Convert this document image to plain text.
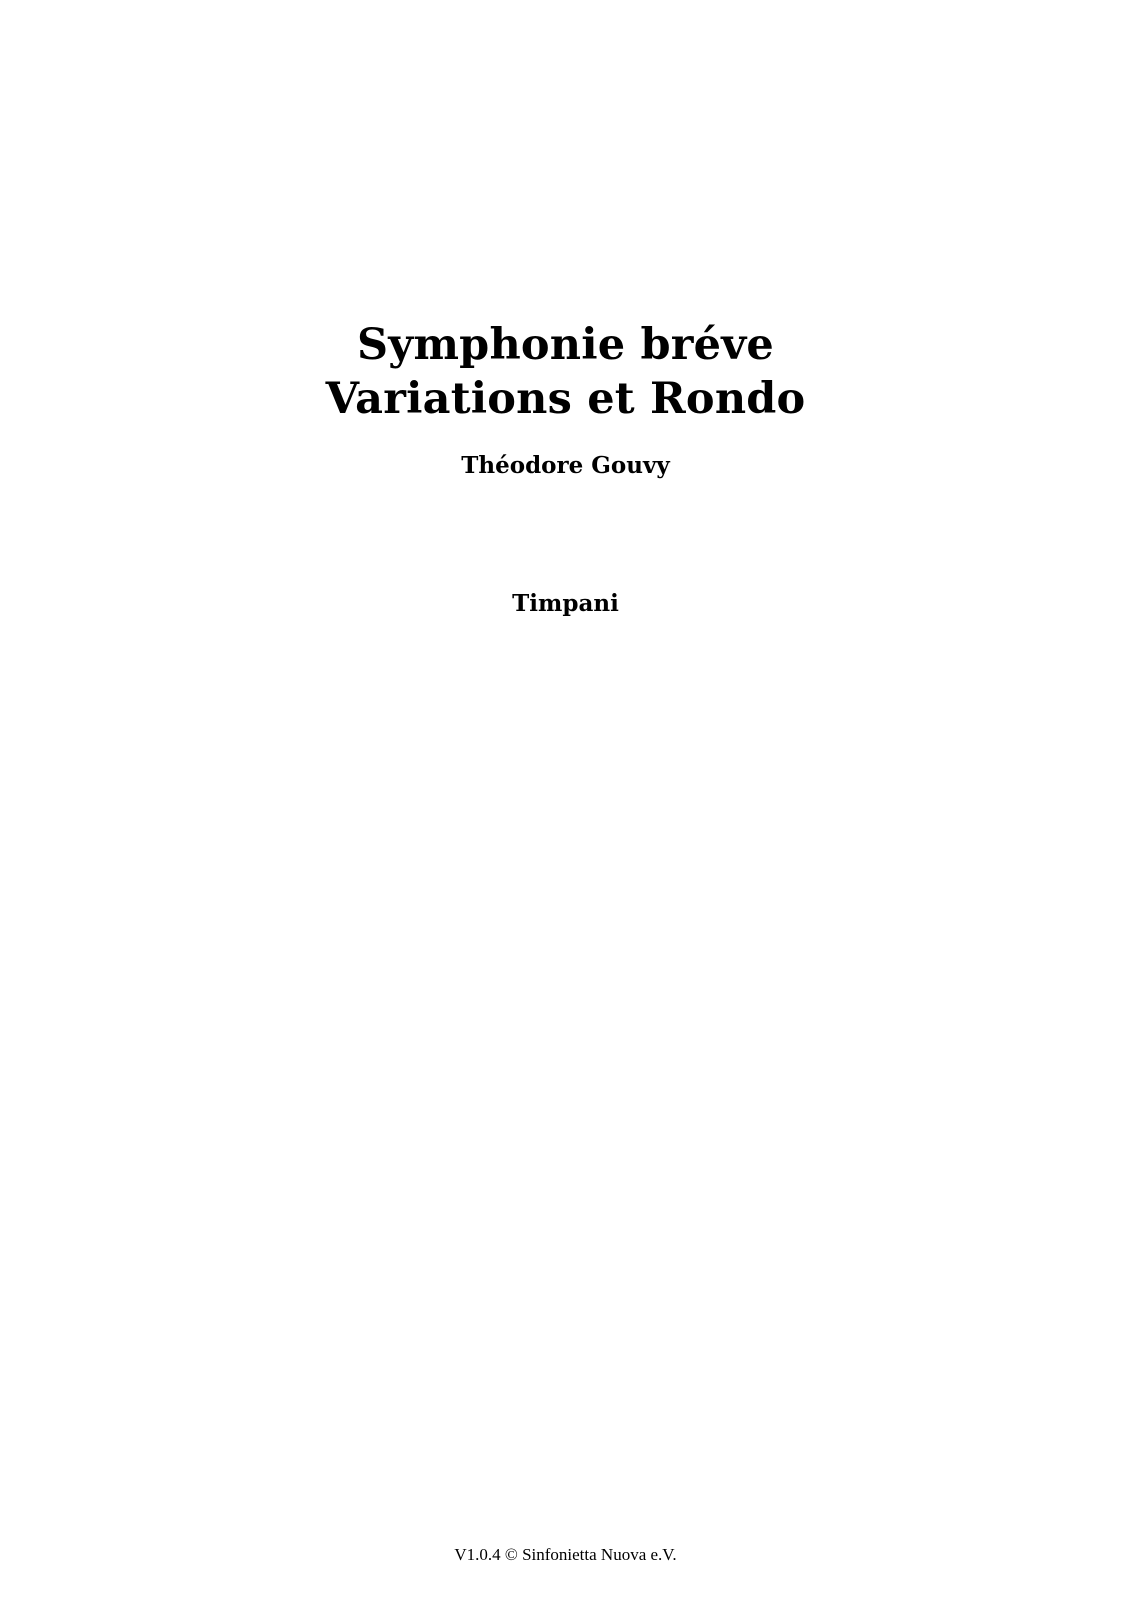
Symphonie bréve
Variations et Rondo
Théodore Gouvy
Timpani
V1.0.4 © Sinfonietta Nuova e.V.
